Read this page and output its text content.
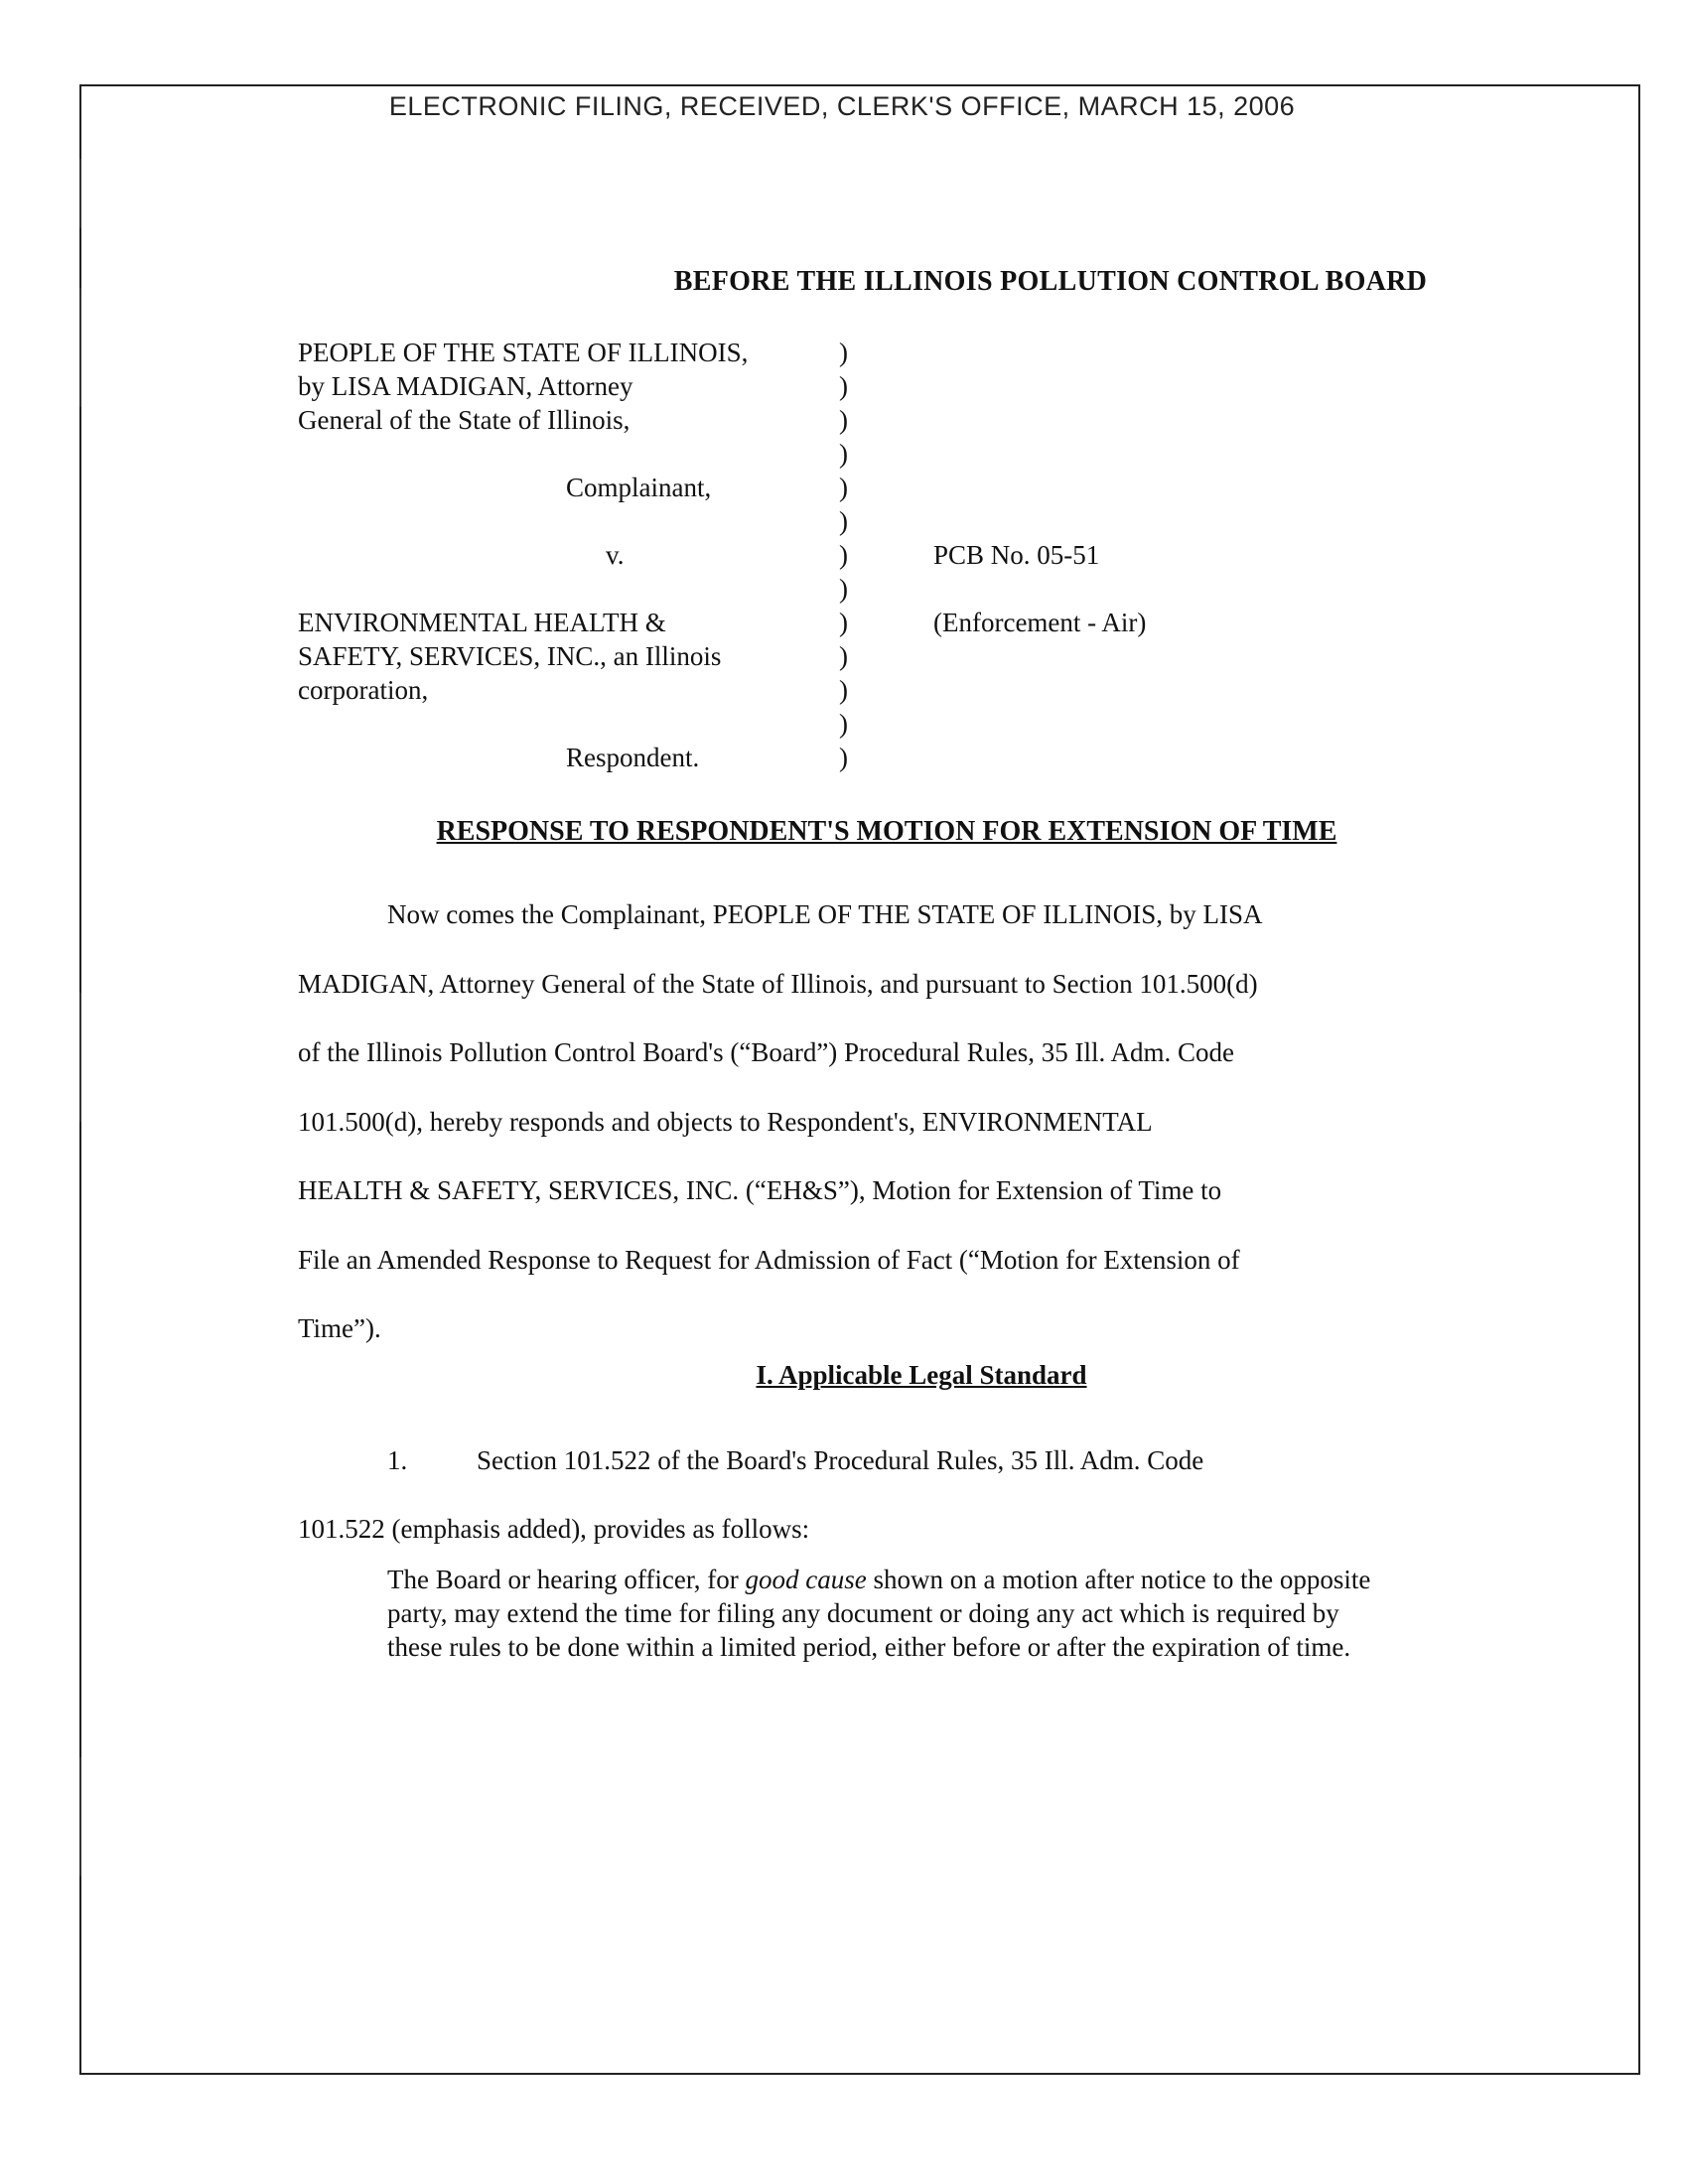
ELECTRONIC FILING, RECEIVED, CLERK'S OFFICE, MARCH 15, 2006
BEFORE THE ILLINOIS POLLUTION CONTROL BOARD
PEOPLE OF THE STATE OF ILLINOIS,
by LISA MADIGAN, Attorney
General of the State of Illinois,
Complainant,
v.
ENVIRONMENTAL HEALTH &
SAFETY, SERVICES, INC., an Illinois
corporation,
Respondent.
)
)
)
)
)
)
)
)
)
)
)
)
)
PCB No. 05-51
(Enforcement - Air)
RESPONSE TO RESPONDENT'S MOTION FOR EXTENSION OF TIME

Now comes the Complainant, PEOPLE OF THE STATE OF ILLINOIS, by LISA

MADIGAN, Attorney General of the State of Illinois, and pursuant to Section 101.500(d)

of the Illinois Pollution Control Board's (“Board”) Procedural Rules, 35 Ill. Adm. Code

101.500(d), hereby responds and objects to Respondent's, ENVIRONMENTAL

HEALTH & SAFETY, SERVICES, INC. (“EH&S”), Motion for Extension of Time to

File an Amended Response to Request for Admission of Fact (“Motion for Extension of

Time”).

I. Applicable Legal Standard
1.	Section 101.522 of the Board's Procedural Rules, 35 Ill. Adm. Code
101.522 (emphasis added), provides as follows:
The Board or hearing officer, for good cause shown on a motion after notice to the opposite party, may extend the time for filing any document or doing any act which is required by these rules to be done within a limited period, either before or after the expiration of time.
